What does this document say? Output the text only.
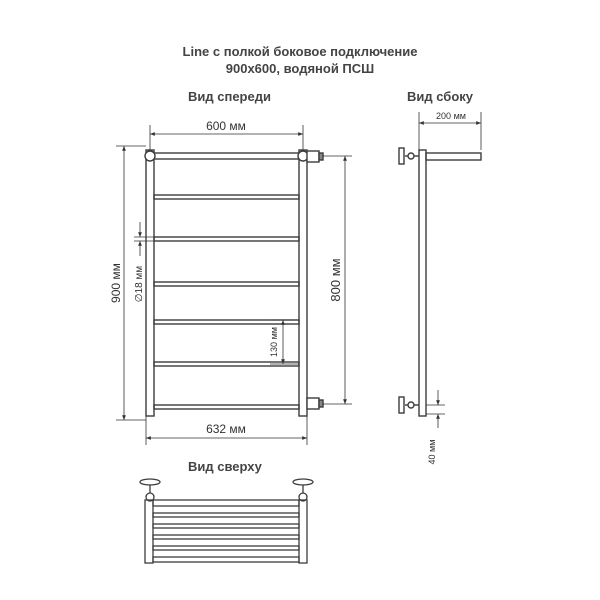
Line с полкой боковое подключение
900x600, водяной ПСШ
Вид спереди	Вид сбоку
Вид сверху
600 мм
632 мм
900 мм ∅18 мм
130 мм
800 мм
200 мм
40 мм
